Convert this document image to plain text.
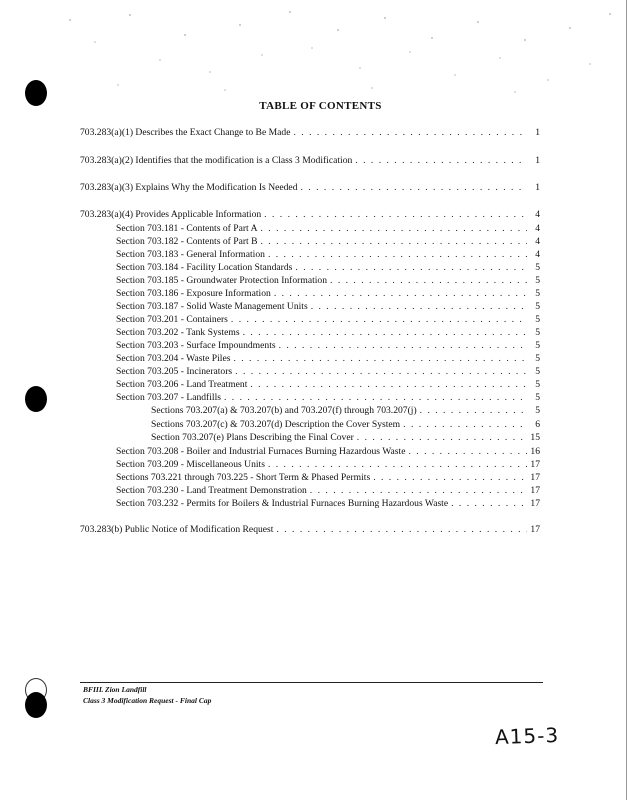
TABLE OF CONTENTS
703.283(a)(1) Describes the Exact Change to Be Made . . .	1
703.283(a)(2) Identifies that the modification is a Class 3 Modification . . .	1
703.283(a)(3) Explains Why the Modification Is Needed . . .	1
703.283(a)(4) Provides Applicable Information . . .	4
Section 703.181 - Contents of Part A . . .	4
Section 703.182 - Contents of Part B . . .	4
Section 703.183 - General Information . . .	4
Section 703.184 - Facility Location Standards . . .	5
Section 703.185 - Groundwater Protection Information . . .	5
Section 703.186 - Exposure Information . . .	5
Section 703.187 - Solid Waste Management Units . . .	5
Section 703.201 - Containers . . .	5
Section 703.202 - Tank Systems . . .	5
Section 703.203 - Surface Impoundments . . .	5
Section 703.204 - Waste Piles . . .	5
Section 703.205 - Incinerators . . .	5
Section 703.206 - Land Treatment . . .	5
Section 703.207 - Landfills . . .	5
Sections 703.207(a) & 703.207(b) and 703.207(f) through 703.207(j) . . .	5
Sections 703.207(c) & 703.207(d) Description the Cover System . . .	6
Section 703.207(e) Plans Describing the Final Cover . . .	15
Section 703.208 - Boiler and Industrial Furnaces Burning Hazardous Waste . . .	16
Section 703.209 - Miscellaneous Units . . .	17
Sections 703.221 through 703.225 - Short Term & Phased Permits . . .	17
Section 703.230 - Land Treatment Demonstration . . .	17
Section 703.232 - Permits for Boilers & Industrial Furnaces Burning Hazardous Waste . . .	17
703.283(b) Public Notice of Modification Request . . .	17
BFIIL Zion Landfill
Class 3 Modification Request - Final Cap
A15-3
